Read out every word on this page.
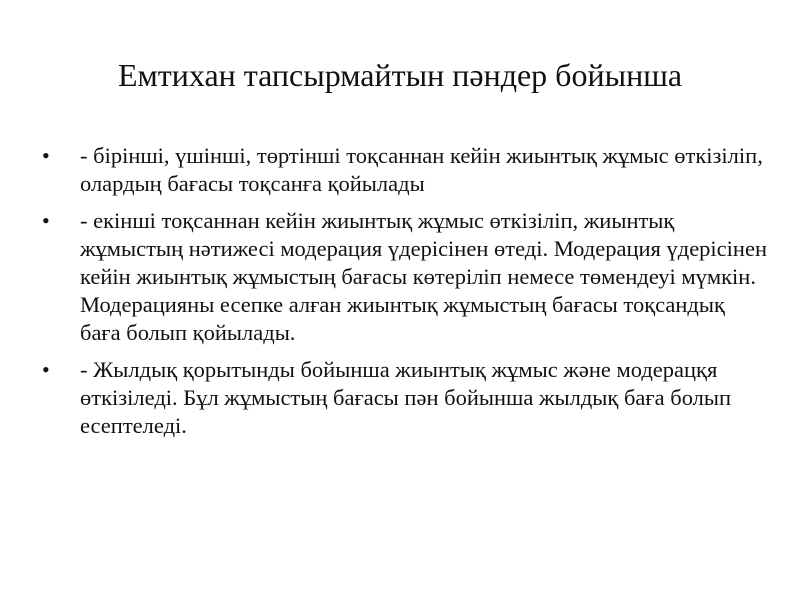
Емтихан тапсырмайтын пәндер бойынша
•	- бірінші, үшінші, төртінші тоқсаннан кейін жиынтық жұмыс өткізіліп, олардың бағасы тоқсанға қойылады
•	- екінші тоқсаннан кейін жиынтық жұмыс өткізіліп, жиынтық жұмыстың нәтижесі модерация үдерісінен өтеді. Модерация үдерісінен кейін жиынтық жұмыстың бағасы көтеріліп немесе төмендеуі мүмкін. Модерацияны есепке алған жиынтық жұмыстың бағасы тоқсандық баға болып қойылады.
•	- Жылдық қорытынды бойынша жиынтық жұмыс және модерацқя өткізіледі. Бұл жұмыстың бағасы пән бойынша жылдық баға болып есептеледі.
